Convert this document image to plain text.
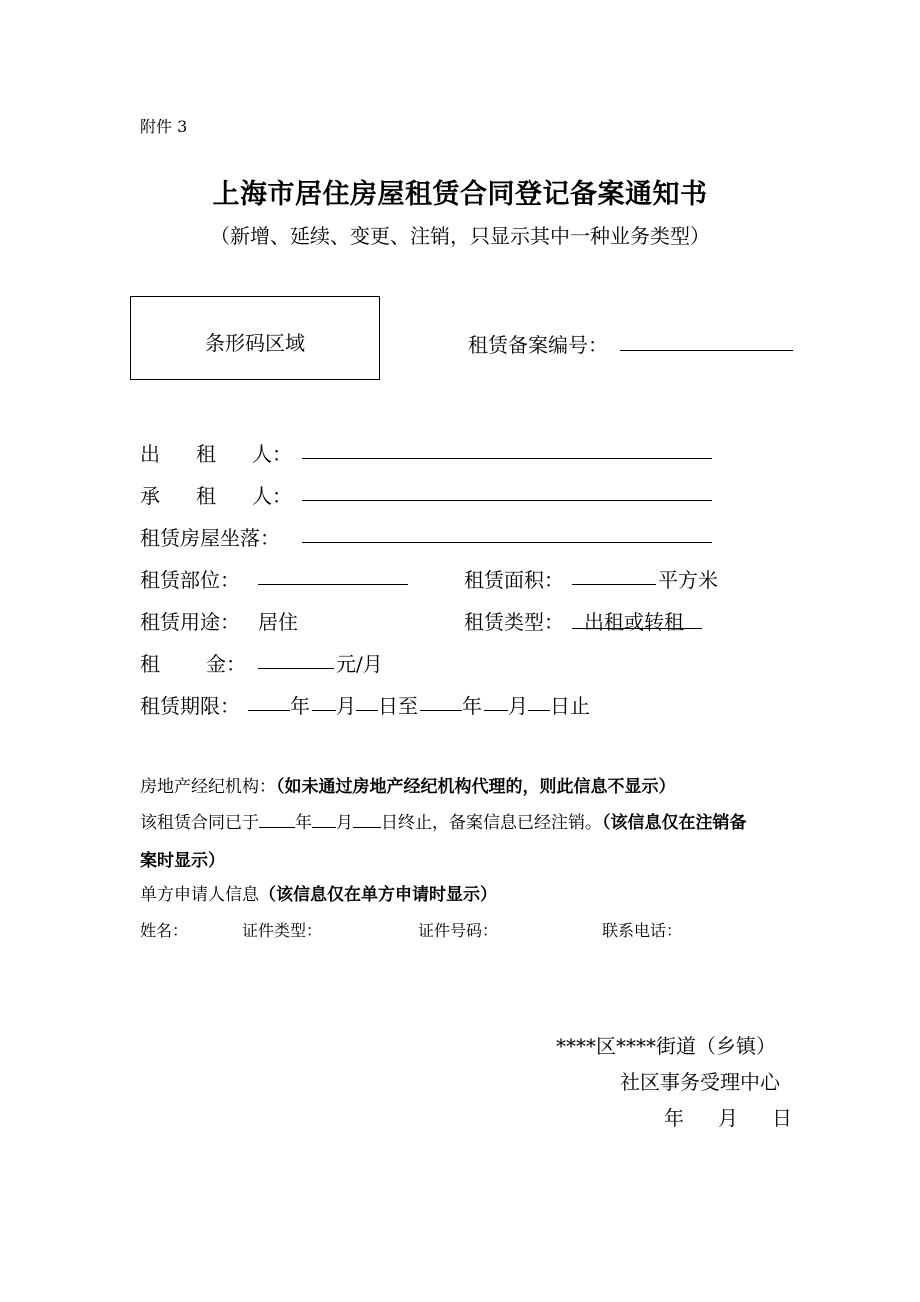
附件 3
上海市居住房屋租赁合同登记备案通知书
（新增、延续、变更、注销，只显示其中一种业务类型）
条形码区域	租赁备案编号：
出 租 人：
承 租 人：
租赁房屋坐落：
租赁部位：	租赁面积：	平方米
租赁用途： 居住	租赁类型： 出租或转租
租 金：	元/月
租赁期限：	年 月 日至 年 月 日止
房地产经纪机构：（如未通过房地产经纪机构代理的，则此信息不显示）
该租赁合同已于 年 月 日终止，备案信息已经注销。（该信息仅在注销备
案时显示）
单方申请人信息（该信息仅在单方申请时显示）
姓名：	证件类型：	证件号码：	联系电话：
****区****街道（乡镇）
社区事务受理中心
年 月 日
